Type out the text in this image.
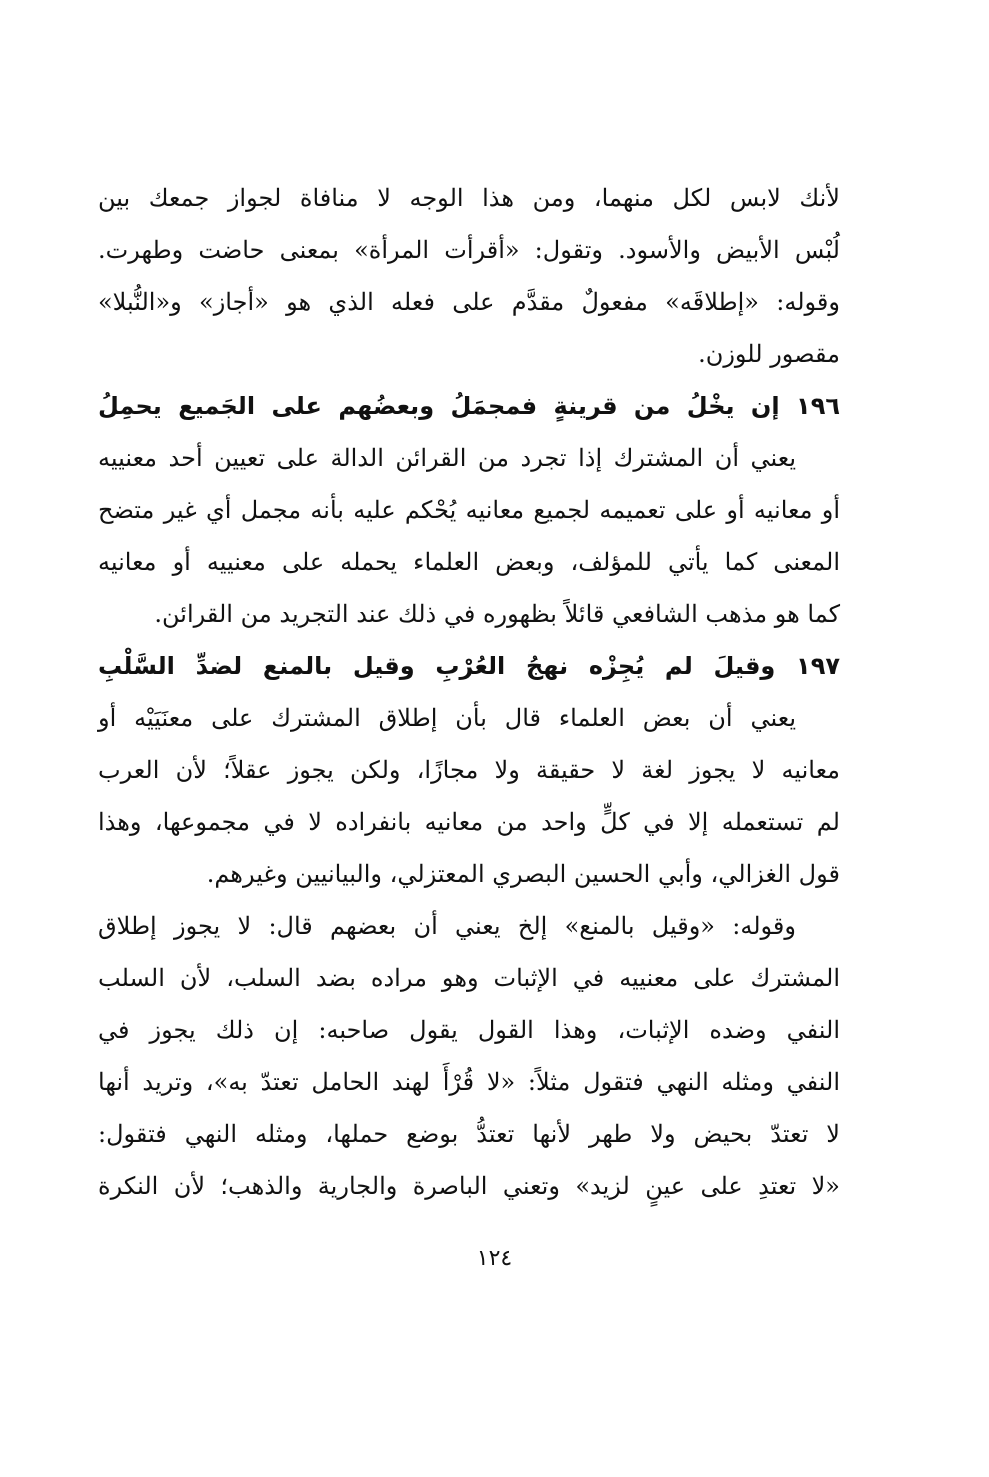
لأنك لابس لكل منهما، ومن هذا الوجه لا منافاة لجواز جمعك بين
لُبْس الأبيض والأسود. وتقول: «أقرأت المرأة» بمعنى حاضت وطهرت.
وقوله: «إطلاقَه» مفعولٌ مقدَّم على فعله الذي هو «أجاز» و«النُّبلا»
مقصور للوزن.
١٩٦ إن يخْلُ من قرينةٍ فمجمَلُ وبعضُهم على الجَميع يحمِلُ
يعني أن المشترك إذا تجرد من القرائن الدالة على تعيين أحد معنييه
أو معانيه أو على تعميمه لجميع معانيه يُحْكم عليه بأنه مجمل أي غير متضح
المعنى كما يأتي للمؤلف، وبعض العلماء يحمله على معنييه أو معانيه
كما هو مذهب الشافعي قائلاً بظهوره في ذلك عند التجريد من القرائن.
١٩٧ وقيلَ لم يُجِزْه نهجُ العُرْبِ وقيل بالمنع لضدِّ السَّلْبِ
يعني أن بعض العلماء قال بأن إطلاق المشترك على معنَيَيْه أو
معانيه لا يجوز لغة لا حقيقة ولا مجازًا، ولكن يجوز عقلاً؛ لأن العرب
لم تستعمله إلا في كلٍّ واحد من معانيه بانفراده لا في مجموعها، وهذا
قول الغزالي، وأبي الحسين البصري المعتزلي، والبيانيين وغيرهم.
وقوله: «وقيل بالمنع» إلخ يعني أن بعضهم قال: لا يجوز إطلاق
المشترك على معنييه في الإثبات وهو مراده بضد السلب، لأن السلب
النفي وضده الإثبات، وهذا القول يقول صاحبه: إن ذلك يجوز في
النفي ومثله النهي فتقول مثلاً: «لا قُرْأَ لهند الحامل تعتدّ به»، وتريد أنها
لا تعتدّ بحيض ولا طهر لأنها تعتدُّ بوضع حملها، ومثله النهي فتقول:
«لا تعتدِ على عينٍ لزيد» وتعني الباصرة والجارية والذهب؛ لأن النكرة
١٢٤
